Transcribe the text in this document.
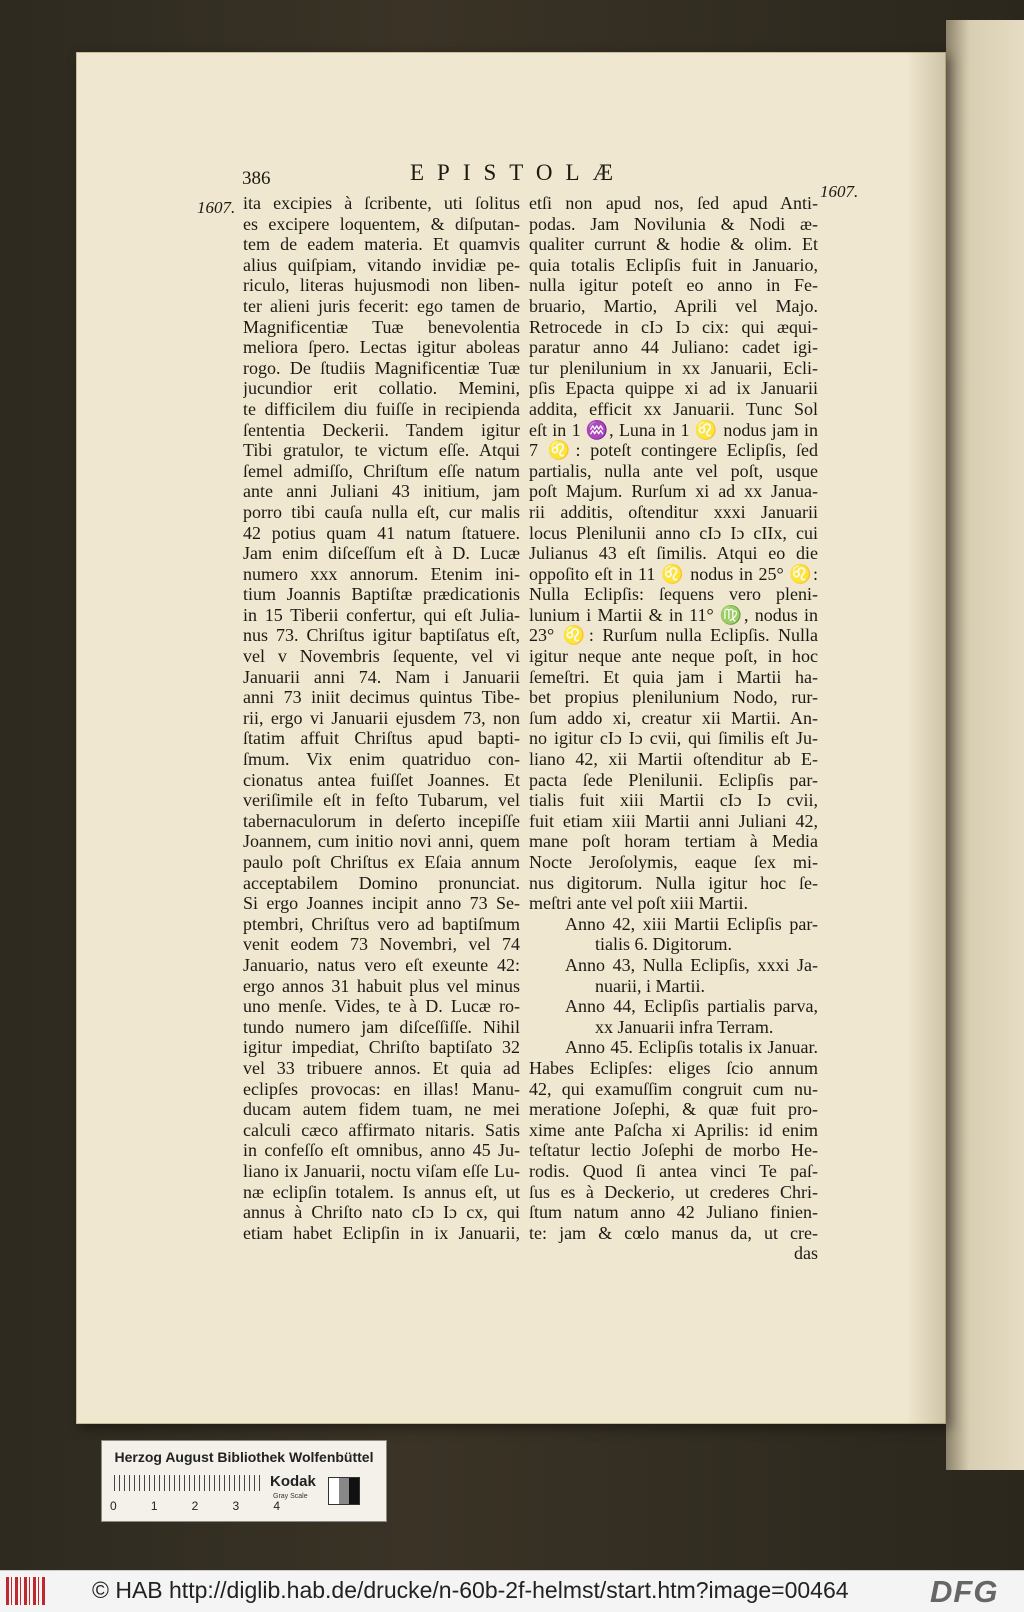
386	EPISTOLÆ
1607.
1607.
ita excipies à ſcribente, uti ſolitus
es excipere loquentem, & diſputan-
tem de eadem materia. Et quamvis
alius quiſpiam, vitando invidiæ pe-
riculo, literas hujusmodi non liben-
ter alieni juris fecerit: ego tamen de
Magnificentiæ Tuæ benevolentia
meliora ſpero. Lectas igitur aboleas
rogo. De ſtudiis Magnificentiæ Tuæ
jucundior erit collatio. Memini,
te difficilem diu fuiſſe in recipienda
ſententia Deckerii. Tandem igitur
Tibi gratulor, te victum eſſe. Atqui
ſemel admiſſo, Chriſtum eſſe natum
ante anni Juliani 43 initium, jam
porro tibi cauſa nulla eſt, cur malis
42 potius quam 41 natum ſtatuere.
Jam enim diſceſſum eſt à D. Lucæ
numero xxx annorum. Etenim ini-
tium Joannis Baptiſtæ prædicationis
in 15 Tiberii confertur, qui eſt Julia-
nus 73. Chriſtus igitur baptiſatus eſt,
vel v Novembris ſequente, vel vi
Januarii anni 74. Nam i Januarii
anni 73 iniit decimus quintus Tibe-
rii, ergo vi Januarii ejusdem 73, non
ſtatim affuit Chriſtus apud bapti-
ſmum. Vix enim quatriduo con-
cionatus antea fuiſſet Joannes. Et
veriſimile eſt in feſto Tubarum, vel
tabernaculorum in deſerto incepiſſe
Joannem, cum initio novi anni, quem
paulo poſt Chriſtus ex Eſaia annum
acceptabilem Domino pronunciat.
Si ergo Joannes incipit anno 73 Se-
ptembri, Chriſtus vero ad baptiſmum
venit eodem 73 Novembri, vel 74
Januario, natus vero eſt exeunte 42:
ergo annos 31 habuit plus vel minus
uno menſe. Vides, te à D. Lucæ ro-
tundo numero jam diſceſſiſſe. Nihil
igitur impediat, Chriſto baptiſato 32
vel 33 tribuere annos. Et quia ad
eclipſes provocas: en illas! Manu-
ducam autem fidem tuam, ne mei
calculi cæco affirmato nitaris. Satis
in confeſſo eſt omnibus, anno 45 Ju-
liano ix Januarii, noctu viſam eſſe Lu-
næ eclipſin totalem. Is annus eſt, ut
annus à Chriſto nato cIɔ Iɔ cx, qui
etiam habet Eclipſin in ix Januarii,
etſi non apud nos, ſed apud Anti-
podas. Jam Novilunia & Nodi æ-
qualiter currunt & hodie & olim. Et
quia totalis Eclipſis fuit in Januario,
nulla igitur poteſt eo anno in Fe-
bruario, Martio, Aprili vel Majo.
Retrocede in cIɔ Iɔ cix: qui æqui-
paratur anno 44 Juliano: cadet igi-
tur plenilunium in xx Januarii, Ecli-
pſis Epacta quippe xi ad ix Januarii
addita, efficit xx Januarii. Tunc Sol
eſt in 1 ♒, Luna in 1 ♌ nodus jam in
7 ♌: poteſt contingere Eclipſis, ſed
partialis, nulla ante vel poſt, usque
poſt Majum. Rurſum xi ad xx Janua-
rii additis, oſtenditur xxxi Januarii
locus Plenilunii anno cIɔ Iɔ cIIx, cui
Julianus 43 eſt ſimilis. Atqui eo die
oppoſito eſt in 11 ♌ nodus in 25° ♌:
Nulla Eclipſis: ſequens vero pleni-
lunium i Martii & in 11° ♍, nodus in
23° ♌: Rurſum nulla Eclipſis. Nulla
igitur neque ante neque poſt, in hoc
ſemeſtri. Et quia jam i Martii ha-
bet propius plenilunium Nodo, rur-
ſum addo xi, creatur xii Martii. An-
no igitur cIɔ Iɔ cvii, qui ſimilis eſt Ju-
liano 42, xii Martii oſtenditur ab E-
pacta ſede Plenilunii. Eclipſis par-
tialis fuit xiii Martii cIɔ Iɔ cvii,
fuit etiam xiii Martii anni Juliani 42,
mane poſt horam tertiam à Media
Nocte Jeroſolymis, eaque ſex mi-
nus digitorum. Nulla igitur hoc ſe-
meſtri ante vel poſt xiii Martii.
Anno 42, xiii Martii Eclipſis par-
tialis 6. Digitorum.
Anno 43, Nulla Eclipſis, xxxi Ja-
nuarii, i Martii.
Anno 44, Eclipſis partialis parva,
xx Januarii infra Terram.
Anno 45. Eclipſis totalis ix Januar.
Habes Eclipſes: eliges ſcio annum
42, qui examuſſim congruit cum nu-
meratione Joſephi, & quæ fuit pro-
xime ante Paſcha xi Aprilis: id enim
teſtatur lectio Joſephi de morbo He-
rodis. Quod ſi antea vinci Te paſ-
ſus es à Deckerio, ut crederes Chri-
ſtum natum anno 42 Juliano finien-
te: jam & cœlo manus da, ut cre-
das
Herzog August Bibliothek Wolfenbüttel
0	1	2	3	4
Kodak
Gray Scale
© HAB http://diglib.hab.de/drucke/n-60b-2f-helmst/start.htm?image=00464	DFG
